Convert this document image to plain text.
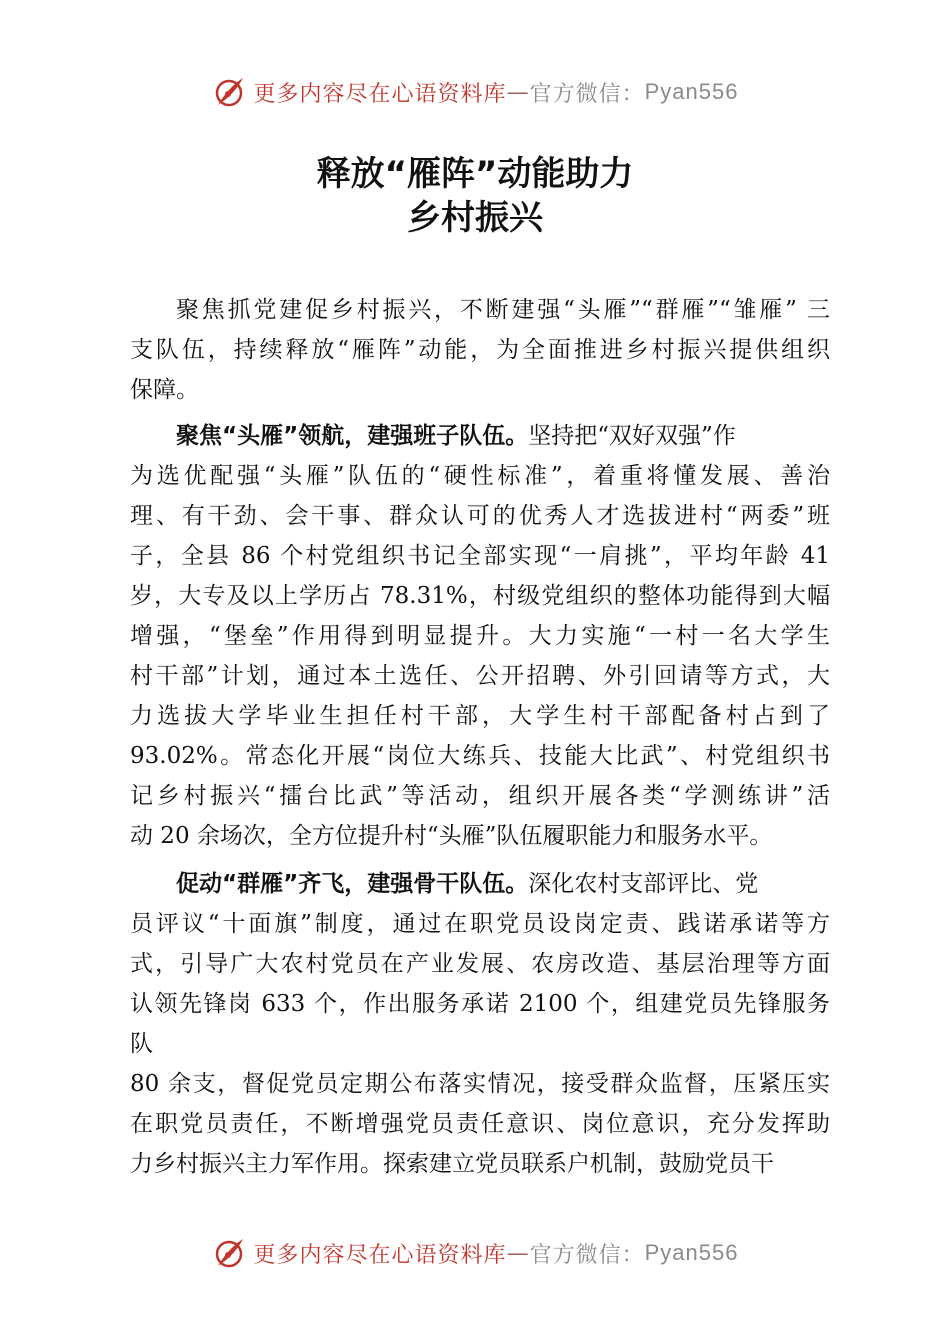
更多内容尽在心语资料库 — 官方微信： Pyan556
释放“雁阵”动能助力
乡村振兴
聚焦抓党建促乡村振兴，不断建强“头雁”“群雁”“雏雁” 三
支队伍，持续释放“雁阵”动能，为全面推进乡村振兴提供组织
保障。
聚焦“头雁”领航，建强班子队伍。坚持把“双好双强”作
为选优配强“头雁”队伍的“硬性标准”，着重将懂发展、善治
理、有干劲、会干事、群众认可的优秀人才选拔进村“两委”班
子，全县 86 个村党组织书记全部实现“一肩挑”，平均年龄 41
岁，大专及以上学历占 78.31%，村级党组织的整体功能得到大幅
增强，“堡垒”作用得到明显提升。大力实施“一村一名大学生
村干部”计划，通过本土选任、公开招聘、外引回请等方式，大
力选拔大学毕业生担任村干部，大学生村干部配备村占到了
93.02%。常态化开展“岗位大练兵、技能大比武”、村党组织书
记乡村振兴“擂台比武”等活动，组织开展各类“学测练讲”活
动 20 余场次，全方位提升村“头雁”队伍履职能力和服务水平。
促动“群雁”齐飞，建强骨干队伍。深化农村支部评比、党
员评议“十面旗”制度，通过在职党员设岗定责、践诺承诺等方
式，引导广大农村党员在产业发展、农房改造、基层治理等方面
认领先锋岗 633 个，作出服务承诺 2100 个，组建党员先锋服务
队
80 余支，督促党员定期公布落实情况，接受群众监督，压紧压实
在职党员责任，不断增强党员责任意识、岗位意识，充分发挥助
力乡村振兴主力军作用。探索建立党员联系户机制，鼓励党员干
更多内容尽在心语资料库 — 官方微信： Pyan556
